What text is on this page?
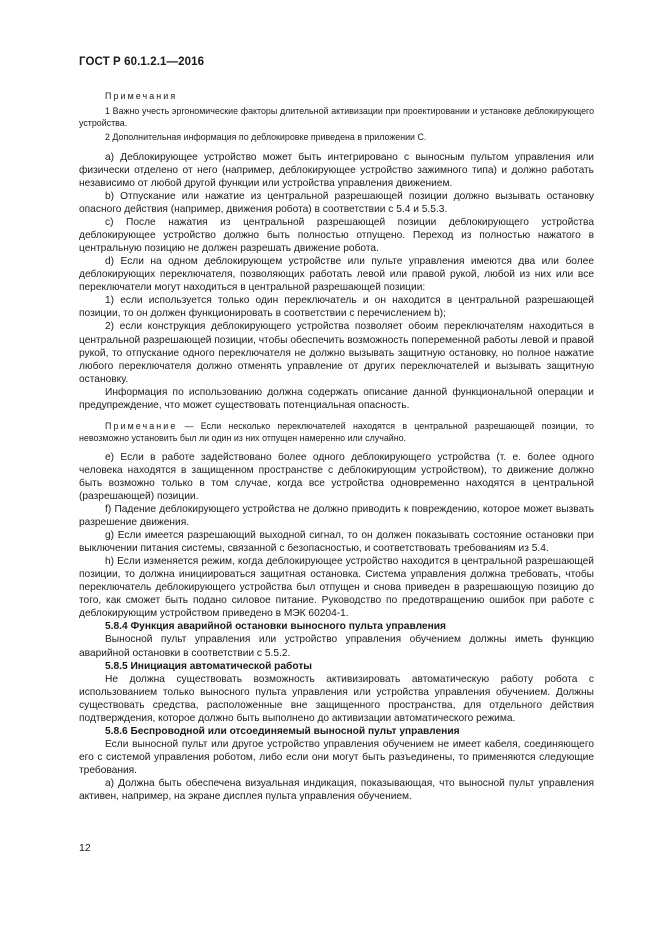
ГОСТ Р 60.1.2.1—2016
Примечания

1 Важно учесть эргономические факторы длительной активизации при проектировании и установке деблокирующего устройства.

2 Дополнительная информация по деблокировке приведена в приложении С.

a) Деблокирующее устройство может быть интегрировано с выносным пультом управления или физически отделено от него (например, деблокирующее устройство зажимного типа) и должно работать независимо от любой другой функции или устройства управления движением.

b) Отпускание или нажатие из центральной разрешающей позиции должно вызывать остановку опасного действия (например, движения робота) в соответствии с 5.4 и 5.5.3.

c) После нажатия из центральной разрешающей позиции деблокирующего устройства деблокирующее устройство должно быть полностью отпущено. Переход из полностью нажатого в центральную позицию не должен разрешать движение робота.

d) Если на одном деблокирующем устройстве или пульте управления имеются два или более деблокирующих переключателя, позволяющих работать левой или правой рукой, любой из них или все переключатели могут находиться в центральной разрешающей позиции:

1) если используется только один переключатель и он находится в центральной разрешающей позиции, то он должен функционировать в соответствии с перечислением b);

2) если конструкция деблокирующего устройства позволяет обоим переключателям находиться в центральной разрешающей позиции, чтобы обеспечить возможность попеременной работы левой и правой рукой, то отпускание одного переключателя не должно вызывать защитную остановку, но полное нажатие любого переключателя должно отменять управление от других переключателей и вызывать защитную остановку.

Информация по использованию должна содержать описание данной функциональной операции и предупреждение, что может существовать потенциальная опасность.

Примечание — Если несколько переключателей находятся в центральной разрешающей позиции, то невозможно установить был ли один из них отпущен намеренно или случайно.

e) Если в работе задействовано более одного деблокирующего устройства (т. е. более одного человека находятся в защищенном пространстве с деблокирующим устройством), то движение должно быть возможно только в том случае, когда все устройства одновременно находятся в центральной (разрешающей) позиции.

f) Падение деблокирующего устройства не должно приводить к повреждению, которое может вызвать разрешение движения.

g) Если имеется разрешающий выходной сигнал, то он должен показывать состояние остановки при выключении питания системы, связанной с безопасностью, и соответствовать требованиям из 5.4.

h) Если изменяется режим, когда деблокирующее устройство находится в центральной разрешающей позиции, то должна инициироваться защитная остановка. Система управления должна требовать, чтобы переключатель деблокирующего устройства был отпущен и снова приведен в разрешающую позицию до того, как сможет быть подано силовое питание. Руководство по предотвращению ошибок при работе с деблокирующим устройством приведено в МЭК 60204-1.

5.8.4 Функция аварийной остановки выносного пульта управления

Выносной пульт управления или устройство управления обучением должны иметь функцию аварийной остановки в соответствии с 5.5.2.

5.8.5 Инициация автоматической работы

Не должна существовать возможность активизировать автоматическую работу робота с использованием только выносного пульта управления или устройства управления обучением. Должны существовать средства, расположенные вне защищенного пространства, для отдельного действия подтверждения, которое должно быть выполнено до активизации автоматического режима.

5.8.6 Беспроводной или отсоединяемый выносной пульт управления

Если выносной пульт или другое устройство управления обучением не имеет кабеля, соединяющего его с системой управления роботом, либо если они могут быть разъединены, то применяются следующие требования.

a) Должна быть обеспечена визуальная индикация, показывающая, что выносной пульт управления активен, например, на экране дисплея пульта управления обучением.

12
